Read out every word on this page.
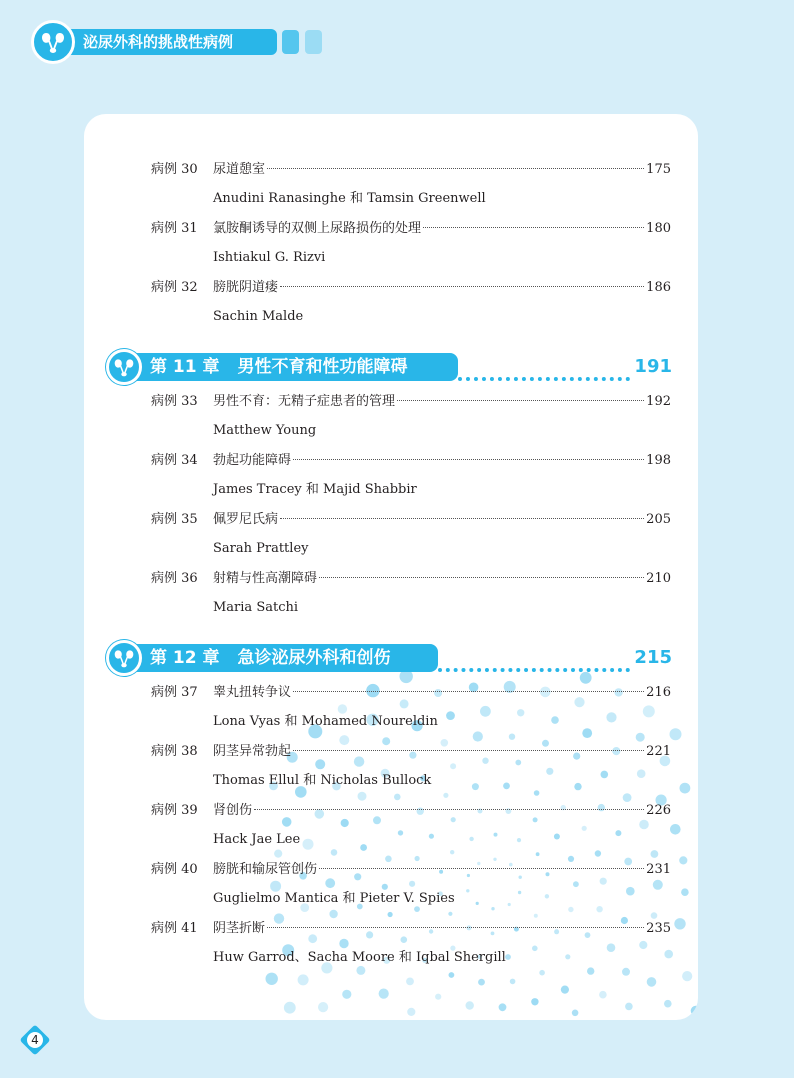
泌尿外科的挑战性病例
病例 30 尿道憩室	175
Anudini Ranasinghe 和 Tamsin Greenwell
病例 31 氯胺酮诱导的双侧上尿路损伤的处理	180
Ishtiakul G. Rizvi
病例 32 膀胱阴道瘘	186
Sachin Malde
第 11 章 男性不育和性功能障碍	191
病例 33 男性不育：无精子症患者的管理	192
Matthew Young
病例 34 勃起功能障碍	198
James Tracey 和 Majid Shabbir
病例 35 佩罗尼氏病	205
Sarah Prattley
病例 36 射精与性高潮障碍	210
Maria Satchi
第 12 章 急诊泌尿外科和创伤	215
病例 37 睾丸扭转争议	216
Lona Vyas 和 Mohamed Noureldin
病例 38 阴茎异常勃起	221
Thomas Ellul 和 Nicholas Bullock
病例 39 肾创伤	226
Hack Jae Lee
病例 40 膀胱和输尿管创伤	231
Guglielmo Mantica 和 Pieter V. Spies
病例 41 阴茎折断	235
Huw Garrod、Sacha Moore 和 Iqbal Shergill
4
